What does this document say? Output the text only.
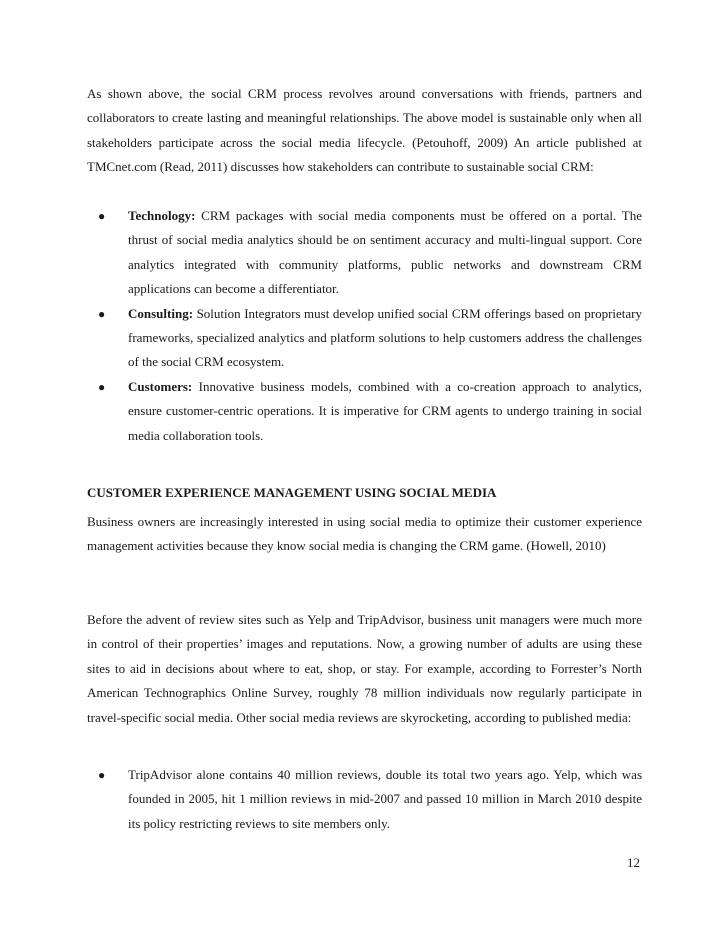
As shown above, the social CRM process revolves around conversations with friends, partners and collaborators to create lasting and meaningful relationships. The above model is sustainable only when all stakeholders participate across the social media lifecycle. (Petouhoff, 2009) An article published at TMCnet.com (Read, 2011) discusses how stakeholders can contribute to sustainable social CRM:

● Technology: CRM packages with social media components must be offered on a portal. The thrust of social media analytics should be on sentiment accuracy and multi-lingual support. Core analytics integrated with community platforms, public networks and downstream CRM applications can become a differentiator.
● Consulting: Solution Integrators must develop unified social CRM offerings based on proprietary frameworks, specialized analytics and platform solutions to help customers address the challenges of the social CRM ecosystem.
● Customers: Innovative business models, combined with a co-creation approach to analytics, ensure customer-centric operations. It is imperative for CRM agents to undergo training in social media collaboration tools.
CUSTOMER EXPERIENCE MANAGEMENT USING SOCIAL MEDIA

Business owners are increasingly interested in using social media to optimize their customer experience management activities because they know social media is changing the CRM game. (Howell, 2010)

Before the advent of review sites such as Yelp and TripAdvisor, business unit managers were much more in control of their properties’ images and reputations. Now, a growing number of adults are using these sites to aid in decisions about where to eat, shop, or stay. For example, according to Forrester’s North American Technographics Online Survey, roughly 78 million individuals now regularly participate in travel-specific social media. Other social media reviews are skyrocketing, according to published media:

● TripAdvisor alone contains 40 million reviews, double its total two years ago. Yelp, which was founded in 2005, hit 1 million reviews in mid-2007 and passed 10 million in March 2010 despite its policy restricting reviews to site members only.
12
